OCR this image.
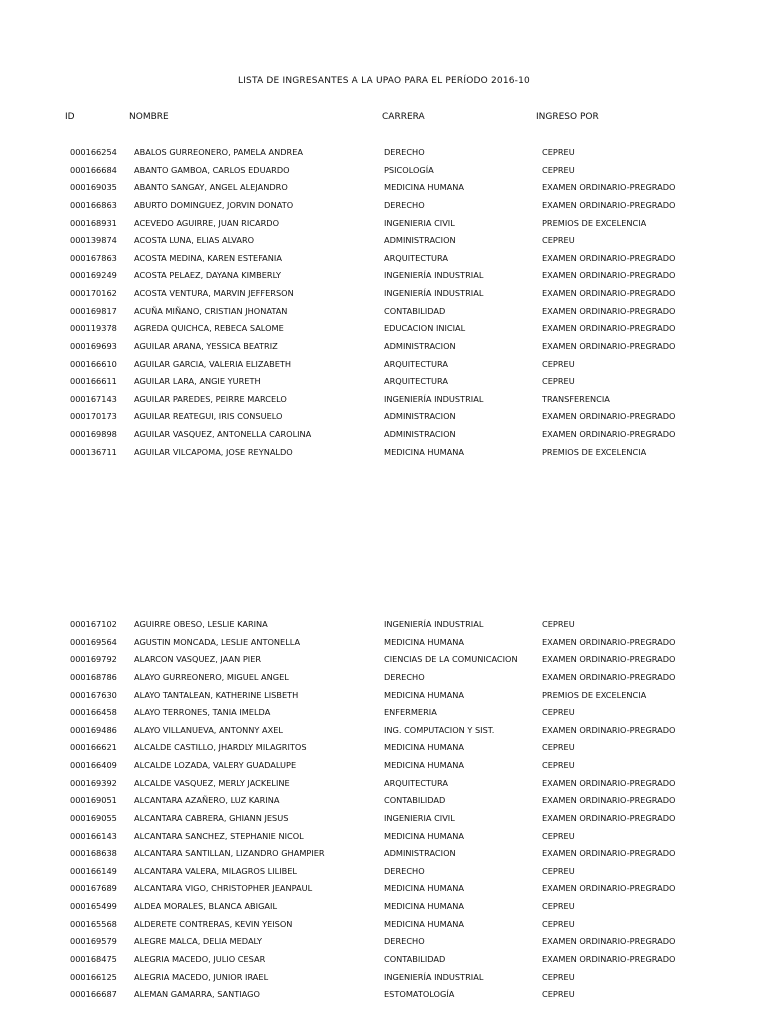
LISTA DE INGRESANTES A LA UPAO PARA EL PERÍODO 2016-10
ID	NOMBRE	CARRERA	INGRESO POR
000166254 ABALOS GURREONERO, PAMELA ANDREA	DERECHO	CEPREU
000166684 ABANTO GAMBOA, CARLOS EDUARDO	PSICOLOGÍA	CEPREU
000169035 ABANTO SANGAY, ANGEL ALEJANDRO	MEDICINA HUMANA	EXAMEN ORDINARIO-PREGRADO
000166863 ABURTO DOMINGUEZ, JORVIN DONATO	DERECHO	EXAMEN ORDINARIO-PREGRADO
000168931 ACEVEDO AGUIRRE, JUAN RICARDO	INGENIERIA CIVIL	PREMIOS DE EXCELENCIA
000139874 ACOSTA LUNA, ELIAS ALVARO	ADMINISTRACION	CEPREU
000167863 ACOSTA MEDINA, KAREN ESTEFANIA	ARQUITECTURA	EXAMEN ORDINARIO-PREGRADO
000169249 ACOSTA PELAEZ, DAYANA KIMBERLY	INGENIERÍA INDUSTRIAL	EXAMEN ORDINARIO-PREGRADO
000170162 ACOSTA VENTURA, MARVIN JEFFERSON	INGENIERÍA INDUSTRIAL	EXAMEN ORDINARIO-PREGRADO
000169817 ACUÑA MIÑANO, CRISTIAN JHONATAN	CONTABILIDAD	EXAMEN ORDINARIO-PREGRADO
000119378 AGREDA QUICHCA, REBECA SALOME	EDUCACION INICIAL	EXAMEN ORDINARIO-PREGRADO
000169693 AGUILAR ARANA, YESSICA BEATRIZ	ADMINISTRACION	EXAMEN ORDINARIO-PREGRADO
000166610 AGUILAR GARCIA, VALERIA ELIZABETH	ARQUITECTURA	CEPREU
000166611 AGUILAR LARA, ANGIE YURETH	ARQUITECTURA	CEPREU
000167143 AGUILAR PAREDES, PEIRRE MARCELO	INGENIERÍA INDUSTRIAL	TRANSFERENCIA
000170173 AGUILAR REATEGUI, IRIS CONSUELO	ADMINISTRACION	EXAMEN ORDINARIO-PREGRADO
000169898 AGUILAR VASQUEZ, ANTONELLA CAROLINA	ADMINISTRACION	EXAMEN ORDINARIO-PREGRADO
000136711 AGUILAR VILCAPOMA, JOSE REYNALDO	MEDICINA HUMANA	PREMIOS DE EXCELENCIA
000167102 AGUIRRE OBESO, LESLIE KARINA	INGENIERÍA INDUSTRIAL	CEPREU
000169564 AGUSTIN MONCADA, LESLIE ANTONELLA	MEDICINA HUMANA	EXAMEN ORDINARIO-PREGRADO
000169792 ALARCON VASQUEZ, JAAN PIER	CIENCIAS DE LA COMUNICACION	EXAMEN ORDINARIO-PREGRADO
000168786 ALAYO GURREONERO, MIGUEL ANGEL	DERECHO	EXAMEN ORDINARIO-PREGRADO
000167630 ALAYO TANTALEAN, KATHERINE LISBETH	MEDICINA HUMANA	PREMIOS DE EXCELENCIA
000166458 ALAYO TERRONES, TANIA IMELDA	ENFERMERIA	CEPREU
000169486 ALAYO VILLANUEVA, ANTONNY AXEL	ING. COMPUTACION Y SIST.	EXAMEN ORDINARIO-PREGRADO
000166621 ALCALDE CASTILLO, JHARDLY MILAGRITOS	MEDICINA HUMANA	CEPREU
000166409 ALCALDE LOZADA, VALERY GUADALUPE	MEDICINA HUMANA	CEPREU
000169392 ALCALDE VASQUEZ, MERLY JACKELINE	ARQUITECTURA	EXAMEN ORDINARIO-PREGRADO
000169051 ALCANTARA AZAÑERO, LUZ KARINA	CONTABILIDAD	EXAMEN ORDINARIO-PREGRADO
000169055 ALCANTARA CABRERA, GHIANN JESUS	INGENIERIA CIVIL	EXAMEN ORDINARIO-PREGRADO
000166143 ALCANTARA SANCHEZ, STEPHANIE NICOL	MEDICINA HUMANA	CEPREU
000168638 ALCANTARA SANTILLAN, LIZANDRO GHAMPIER	ADMINISTRACION	EXAMEN ORDINARIO-PREGRADO
000166149 ALCANTARA VALERA, MILAGROS LILIBEL	DERECHO	CEPREU
000167689 ALCANTARA VIGO, CHRISTOPHER JEANPAUL	MEDICINA HUMANA	EXAMEN ORDINARIO-PREGRADO
000165499 ALDEA MORALES, BLANCA ABIGAIL	MEDICINA HUMANA	CEPREU
000165568 ALDERETE CONTRERAS, KEVIN YEISON	MEDICINA HUMANA	CEPREU
000169579 ALEGRE MALCA, DELIA MEDALY	DERECHO	EXAMEN ORDINARIO-PREGRADO
000168475 ALEGRIA MACEDO, JULIO CESAR	CONTABILIDAD	EXAMEN ORDINARIO-PREGRADO
000166125 ALEGRIA MACEDO, JUNIOR IRAEL	INGENIERÍA INDUSTRIAL	CEPREU
000166687 ALEMAN GAMARRA, SANTIAGO	ESTOMATOLOGÍA	CEPREU
